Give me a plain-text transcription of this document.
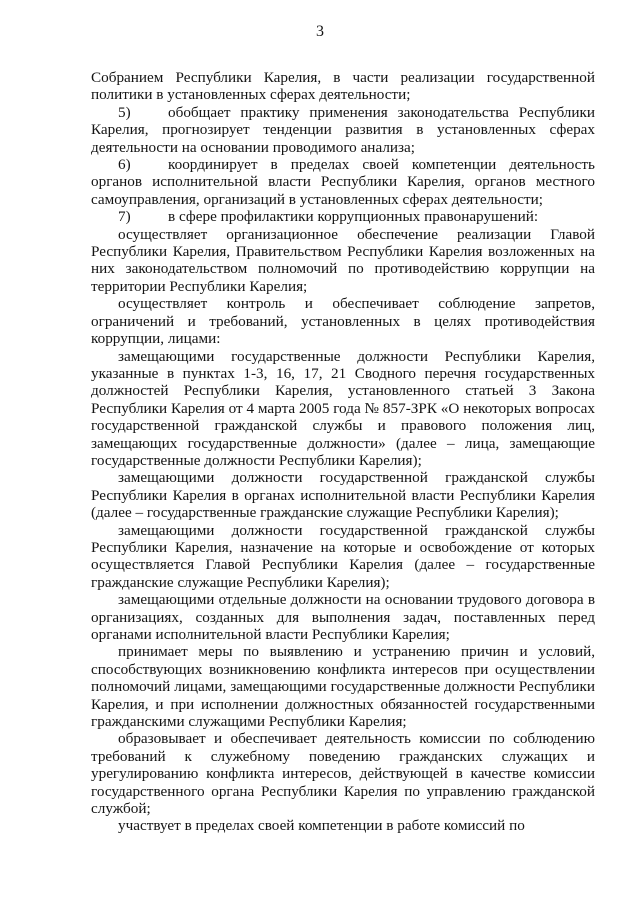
3

Собранием Республики Карелия, в части реализации государственной политики в установленных сферах деятельности;

5) обобщает практику применения законодательства Республики Карелия, прогнозирует тенденции развития в установленных сферах деятельности на основании проводимого анализа;

6) координирует в пределах своей компетенции деятельность органов исполнительной власти Республики Карелия, органов местного самоуправления, организаций в установленных сферах деятельности;

7) в сфере профилактики коррупционных правонарушений:

осуществляет организационное обеспечение реализации Главой Республики Карелия, Правительством Республики Карелия возложенных на них законодательством полномочий по противодействию коррупции на территории Республики Карелия;

осуществляет контроль и обеспечивает соблюдение запретов, ограничений и требований, установленных в целях противодействия коррупции, лицами:

замещающими государственные должности Республики Карелия, указанные в пунктах 1-3, 16, 17, 21 Сводного перечня государственных должностей Республики Карелия, установленного статьей 3 Закона Республики Карелия от 4 марта 2005 года № 857-ЗРК «О некоторых вопросах государственной гражданской службы и правового положения лиц, замещающих государственные должности» (далее – лица, замещающие государственные должности Республики Карелия);

замещающими должности государственной гражданской службы Республики Карелия в органах исполнительной власти Республики Карелия (далее – государственные гражданские служащие Республики Карелия);

замещающими должности государственной гражданской службы Республики Карелия, назначение на которые и освобождение от которых осуществляется Главой Республики Карелия (далее – государственные гражданские служащие Республики Карелия);

замещающими отдельные должности на основании трудового договора в организациях, созданных для выполнения задач, поставленных перед органами исполнительной власти Республики Карелия;

принимает меры по выявлению и устранению причин и условий, способствующих возникновению конфликта интересов при осуществлении полномочий лицами, замещающими государственные должности Республики Карелия, и при исполнении должностных обязанностей государственными гражданскими служащими Республики Карелия;

образовывает и обеспечивает деятельность комиссии по соблюдению требований к служебному поведению гражданских служащих и урегулированию конфликта интересов, действующей в качестве комиссии государственного органа Республики Карелия по управлению гражданской службой;

участвует в пределах своей компетенции в работе комиссий по
